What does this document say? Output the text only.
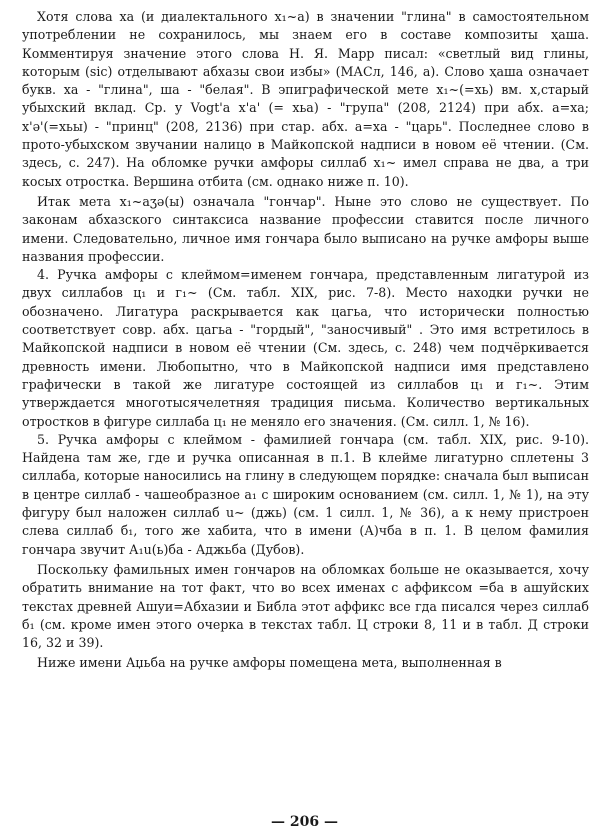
Хотя слова ха (и диалектального х₁~а) в значении "глина" в самостоятельном употреблении не сохранилось, мы знаем его в составе композиты ҳаша. Комментируя значение этого слова Н. Я. Марр писал: «светлый вид глины, которым (sic) отделывают абхазы свои избы» (МАСл, 146, а). Слово ҳаша означает букв. ха - "глина", ша - "белая". В эпиграфической мете х₁~(=хь) вм. х,старый убыхский вклад. Ср. у Vogt'а x'a' (= хьа) - "група" (208, 2124) при абх. а=ха; x'ə'(=хьы) - "принц" (208, 2136) при стар. абх. а=ха - "царь". Последнее слово в прото-убыхском звучании налицо в Майкопской надписи в новом её чтении. (См. здесь, с. 247). На обломке ручки амфоры силлаб х₁~ имел справа не два, а три косых отростка. Вершина отбита (см. однако ниже п. 10).

Итак мета х₁~аӡә(ы) означала "гончар". Ныне это слово не существует. По законам абхазского синтаксиса название профессии ставится после личного имени. Следовательно, личное имя гончара было выписано на ручке амфоры выше названия профессии.

4. Ручка амфоры с клеймом=именем гончара, представленным лигатурой из двух силлабов ц₁ и г₁~ (См. табл. XIX, рис. 7-8). Место находки ручки не обозначено. Лигатура раскрывается как цагьа, что исторически полностью соответствует совр. абх. цагьа - "гордый", "заносчивый" . Это имя встретилось в Майкопской надписи в новом её чтении (См. здесь, с. 248) чем подчёркивается древность имени. Любопытно, что в Майкопской надписи имя представлено графически в такой же лигатуре состоящей из силлабов ц₁ и г₁~. Этим утверждается многотысячелетняя традиция письма. Количество вертикальных отростков в фигуре силлаба ц₁ не меняло его значения. (См. силл. 1, № 16).

5. Ручка амфоры с клеймом - фамилией гончара (см. табл. XIX, рис. 9-10). Найдена там же, где и ручка описанная в п.1. В клейме лигатурно сплетены 3 силлаба, которые наносились на глину в следующем порядке: сначала был выписан в центре силлаб - чашеобразное а₁ с широким основанием (см. силл. 1, № 1), на эту фигуру был наложен силлаб u~ (джь) (см. 1 силл. 1, № 36), а к нему пристроен слева силлаб б₁, того же хабита, что в имени (А)чба в п. 1. В целом фамилия гончара звучит А₁u(ь)ба - Аджьба (Дубов).

Поскольку фамильных имен гончаров на обломках больше не оказывается, хочу обратить внимание на тот факт, что во всех именах с аффиксом =ба в ашуйских текстах древней Ашуи=Абхазии и Библа этот аффикс все гда писался через силлаб б₁ (см. кроме имен этого очерка в текстах табл. Ц строки 8, 11 и в табл. Д строки 16, 32 и 39).

Ниже имени Аџьба на ручке амфоры помещена мета, выполненная в

— 206 —
